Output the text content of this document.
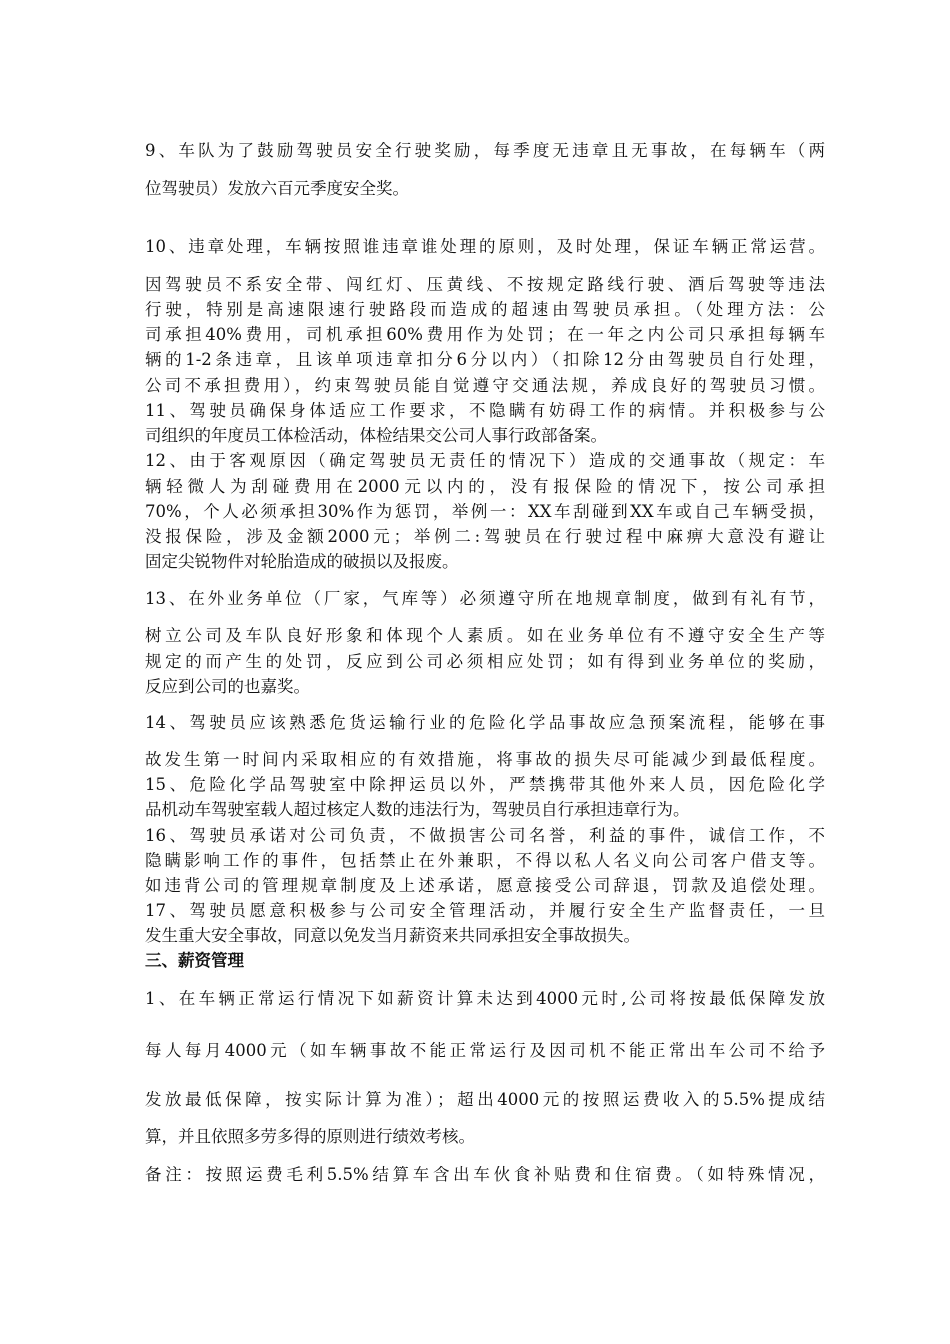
9、车队为了鼓励驾驶员安全行驶奖励，每季度无违章且无事故，在每辆车（两
位驾驶员）发放六百元季度安全奖。
10、违章处理，车辆按照谁违章谁处理的原则，及时处理，保证车辆正常运营。
因驾驶员不系安全带、闯红灯、压黄线、不按规定路线行驶、酒后驾驶等违法
行驶，特别是高速限速行驶路段而造成的超速由驾驶员承担。（处理方法：公
司承担40%费用，司机承担60%费用作为处罚；在一年之内公司只承担每辆车
辆的1-2条违章，且该单项违章扣分6分以内）（扣除12分由驾驶员自行处理，
公司不承担费用），约束驾驶员能自觉遵守交通法规，养成良好的驾驶员习惯。
11、驾驶员确保身体适应工作要求，不隐瞒有妨碍工作的病情。并积极参与公
司组织的年度员工体检活动，体检结果交公司人事行政部备案。
12、由于客观原因（确定驾驶员无责任的情况下）造成的交通事故（规定：车
辆轻微人为刮碰费用在2000元以内的，没有报保险的情况下，按公司承担
70%，个人必须承担30%作为惩罚，举例一：XX车刮碰到XX车或自己车辆受损，
没报保险，涉及金额2000元；举例二:驾驶员在行驶过程中麻痹大意没有避让
固定尖锐物件对轮胎造成的破损以及报废。
13、在外业务单位（厂家，气库等）必须遵守所在地规章制度，做到有礼有节，
树立公司及车队良好形象和体现个人素质。如在业务单位有不遵守安全生产等
规定的而产生的处罚，反应到公司必须相应处罚；如有得到业务单位的奖励，
反应到公司的也嘉奖。
14、驾驶员应该熟悉危货运输行业的危险化学品事故应急预案流程，能够在事
故发生第一时间内采取相应的有效措施，将事故的损失尽可能减少到最低程度。
15、危险化学品驾驶室中除押运员以外，严禁携带其他外来人员，因危险化学
品机动车驾驶室载人超过核定人数的违法行为，驾驶员自行承担违章行为。
16、驾驶员承诺对公司负责，不做损害公司名誉，利益的事件，诚信工作，不
隐瞒影响工作的事件，包括禁止在外兼职，不得以私人名义向公司客户借支等。
如违背公司的管理规章制度及上述承诺，愿意接受公司辞退，罚款及追偿处理。
17、驾驶员愿意积极参与公司安全管理活动，并履行安全生产监督责任，一旦
发生重大安全事故，同意以免发当月薪资来共同承担安全事故损失。
三、薪资管理
1、在车辆正常运行情况下如薪资计算未达到4000元时,公司将按最低保障发放
每人每月4000元（如车辆事故不能正常运行及因司机不能正常出车公司不给予
发放最低保障，按实际计算为准）；超出4000元的按照运费收入的5.5%提成结
算，并且依照多劳多得的原则进行绩效考核。
备注：按照运费毛利5.5%结算车含出车伙食补贴费和住宿费。（如特殊情况，
